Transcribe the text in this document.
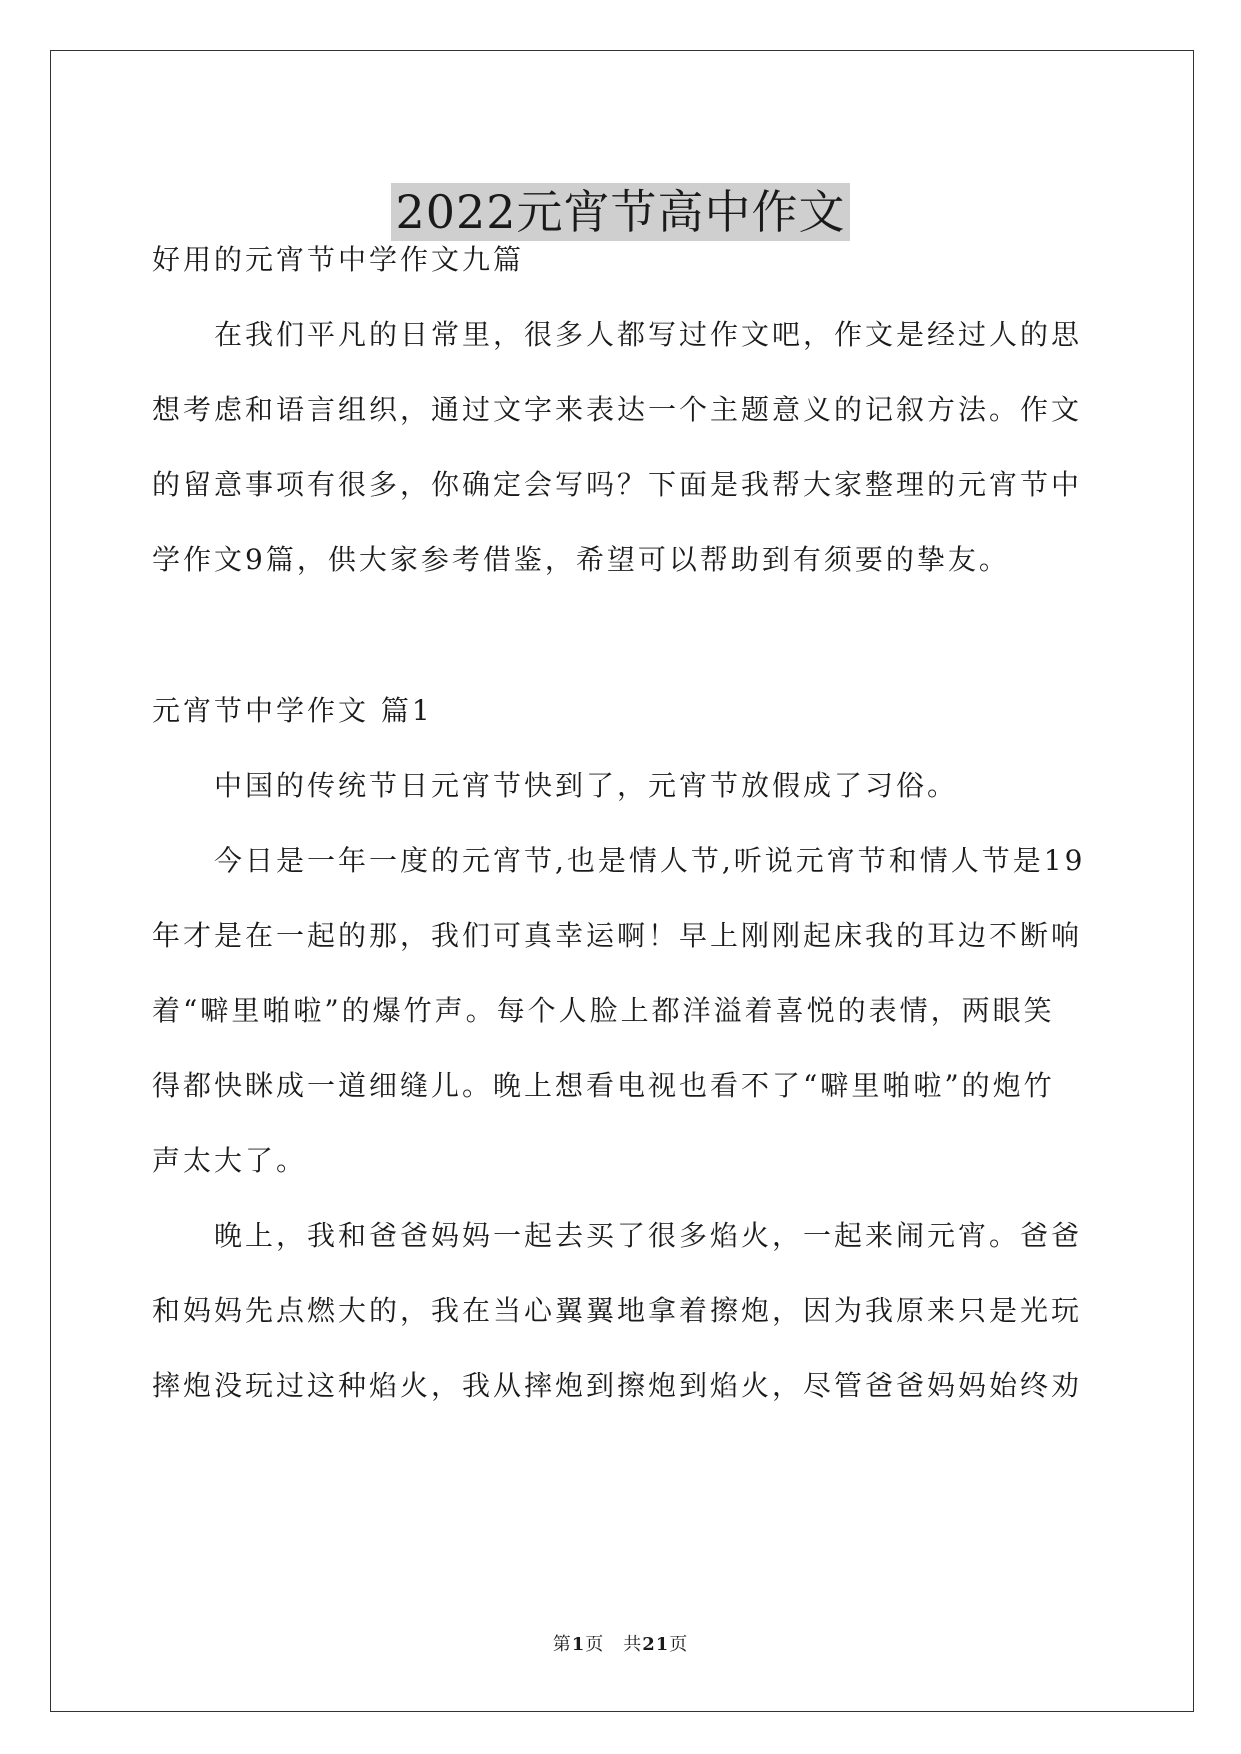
2022元宵节高中作文

好用的元宵节中学作文九篇

在我们平凡的日常里，很多人都写过作文吧，作文是经过人的思

想考虑和语言组织，通过文字来表达一个主题意义的记叙方法。作文

的留意事项有很多，你确定会写吗？下面是我帮大家整理的元宵节中

学作文9篇，供大家参考借鉴，希望可以帮助到有须要的挚友。

元宵节中学作文 篇1

中国的传统节日元宵节快到了，元宵节放假成了习俗。

今日是一年一度的元宵节,也是情人节,听说元宵节和情人节是19

年才是在一起的那，我们可真幸运啊！早上刚刚起床我的耳边不断响

着“噼里啪啦”的爆竹声。每个人脸上都洋溢着喜悦的表情，两眼笑

得都快眯成一道细缝儿。晚上想看电视也看不了“噼里啪啦”的炮竹

声太大了。

晚上，我和爸爸妈妈一起去买了很多焰火，一起来闹元宵。爸爸

和妈妈先点燃大的，我在当心翼翼地拿着擦炮，因为我原来只是光玩

摔炮没玩过这种焰火，我从摔炮到擦炮到焰火，尽管爸爸妈妈始终劝

第1页　共21页
